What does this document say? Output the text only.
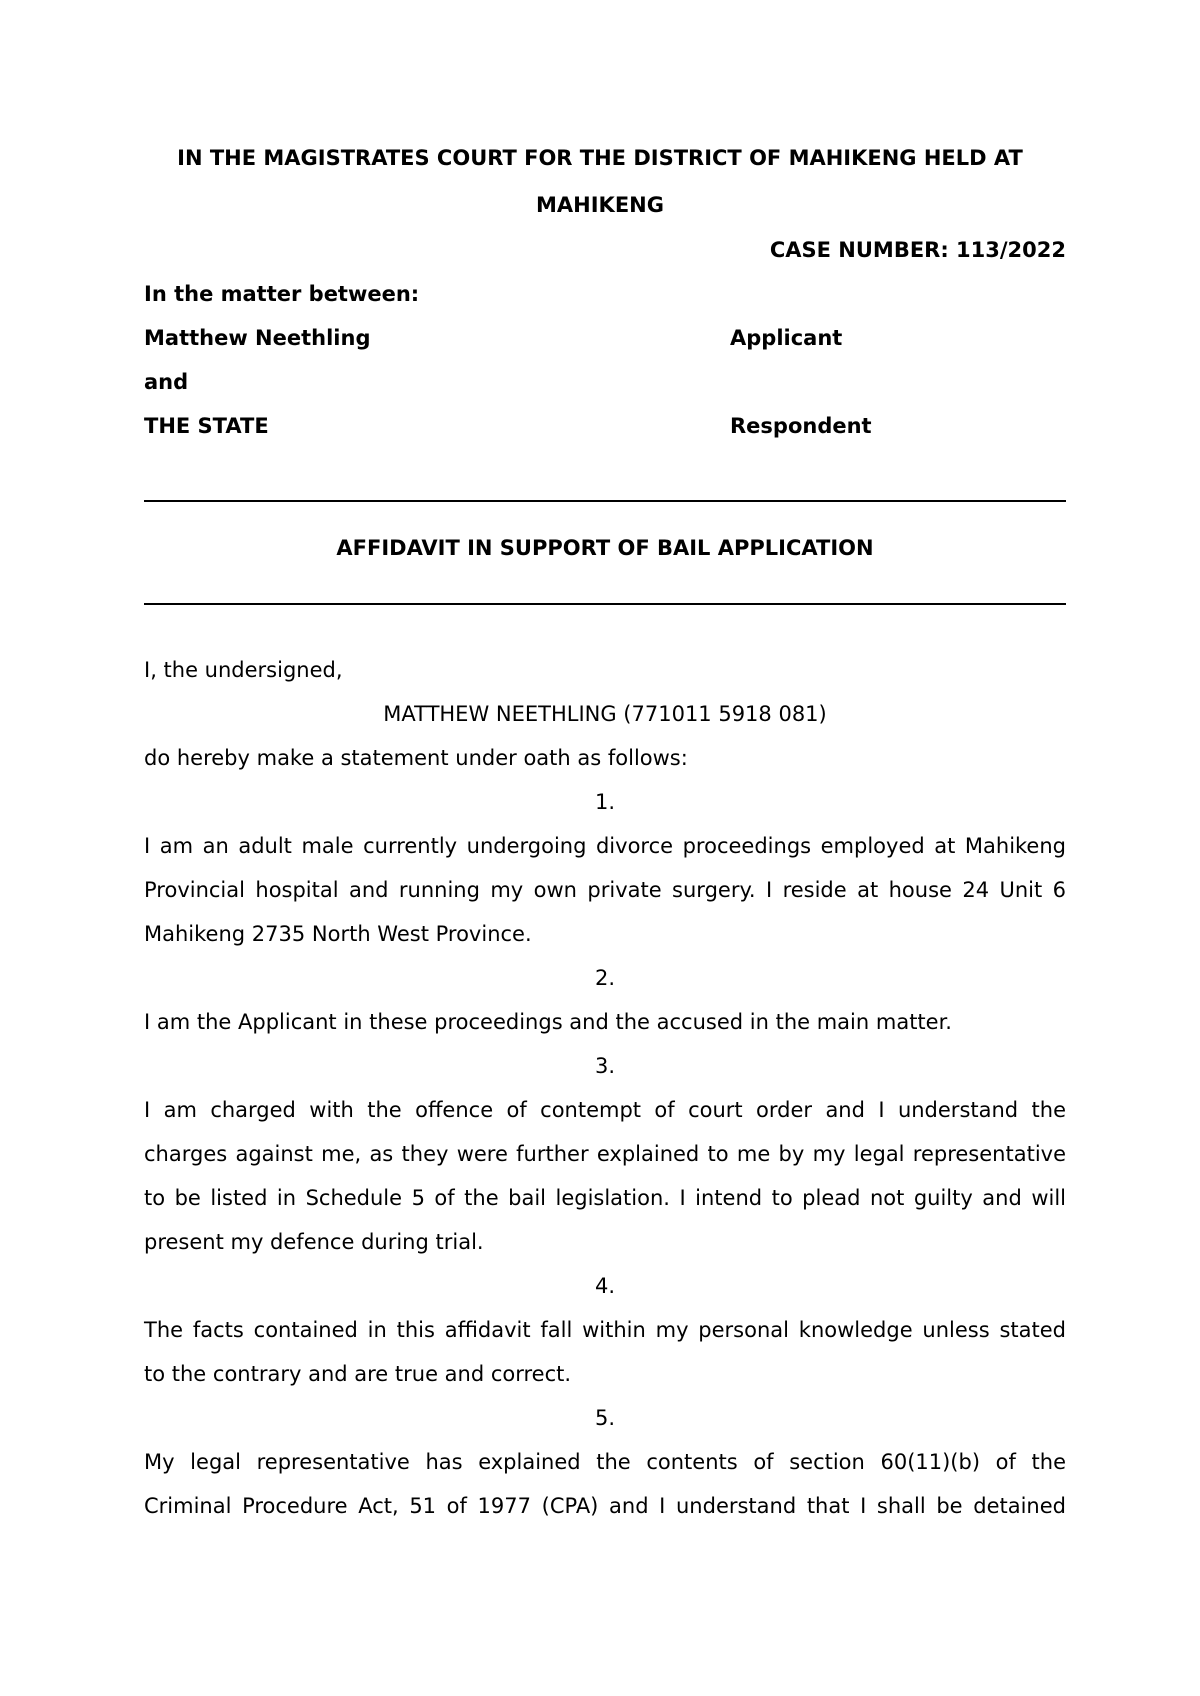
IN THE MAGISTRATES COURT FOR THE DISTRICT OF MAHIKENG HELD AT
MAHIKENG
CASE NUMBER: 113/2022
In the matter between:
Matthew Neethling	Applicant
and
THE STATE	Respondent
AFFIDAVIT IN SUPPORT OF BAIL APPLICATION
I, the undersigned,
MATTHEW NEETHLING (771011 5918 081)
do hereby make a statement under oath as follows:
1.
I am an adult male currently undergoing divorce proceedings employed at Mahikeng
Provincial hospital and running my own private surgery. I reside at house 24 Unit 6
Mahikeng 2735 North West Province.
2.
I am the Applicant in these proceedings and the accused in the main matter.
3.
I am charged with the offence of contempt of court order and I understand the
charges against me, as they were further explained to me by my legal representative
to be listed in Schedule 5 of the bail legislation. I intend to plead not guilty and will
present my defence during trial.
4.
The facts contained in this affidavit fall within my personal knowledge unless stated
to the contrary and are true and correct.
5.
My legal representative has explained the contents of section 60(11)(b) of the
Criminal Procedure Act, 51 of 1977 (CPA) and I understand that I shall be detained
